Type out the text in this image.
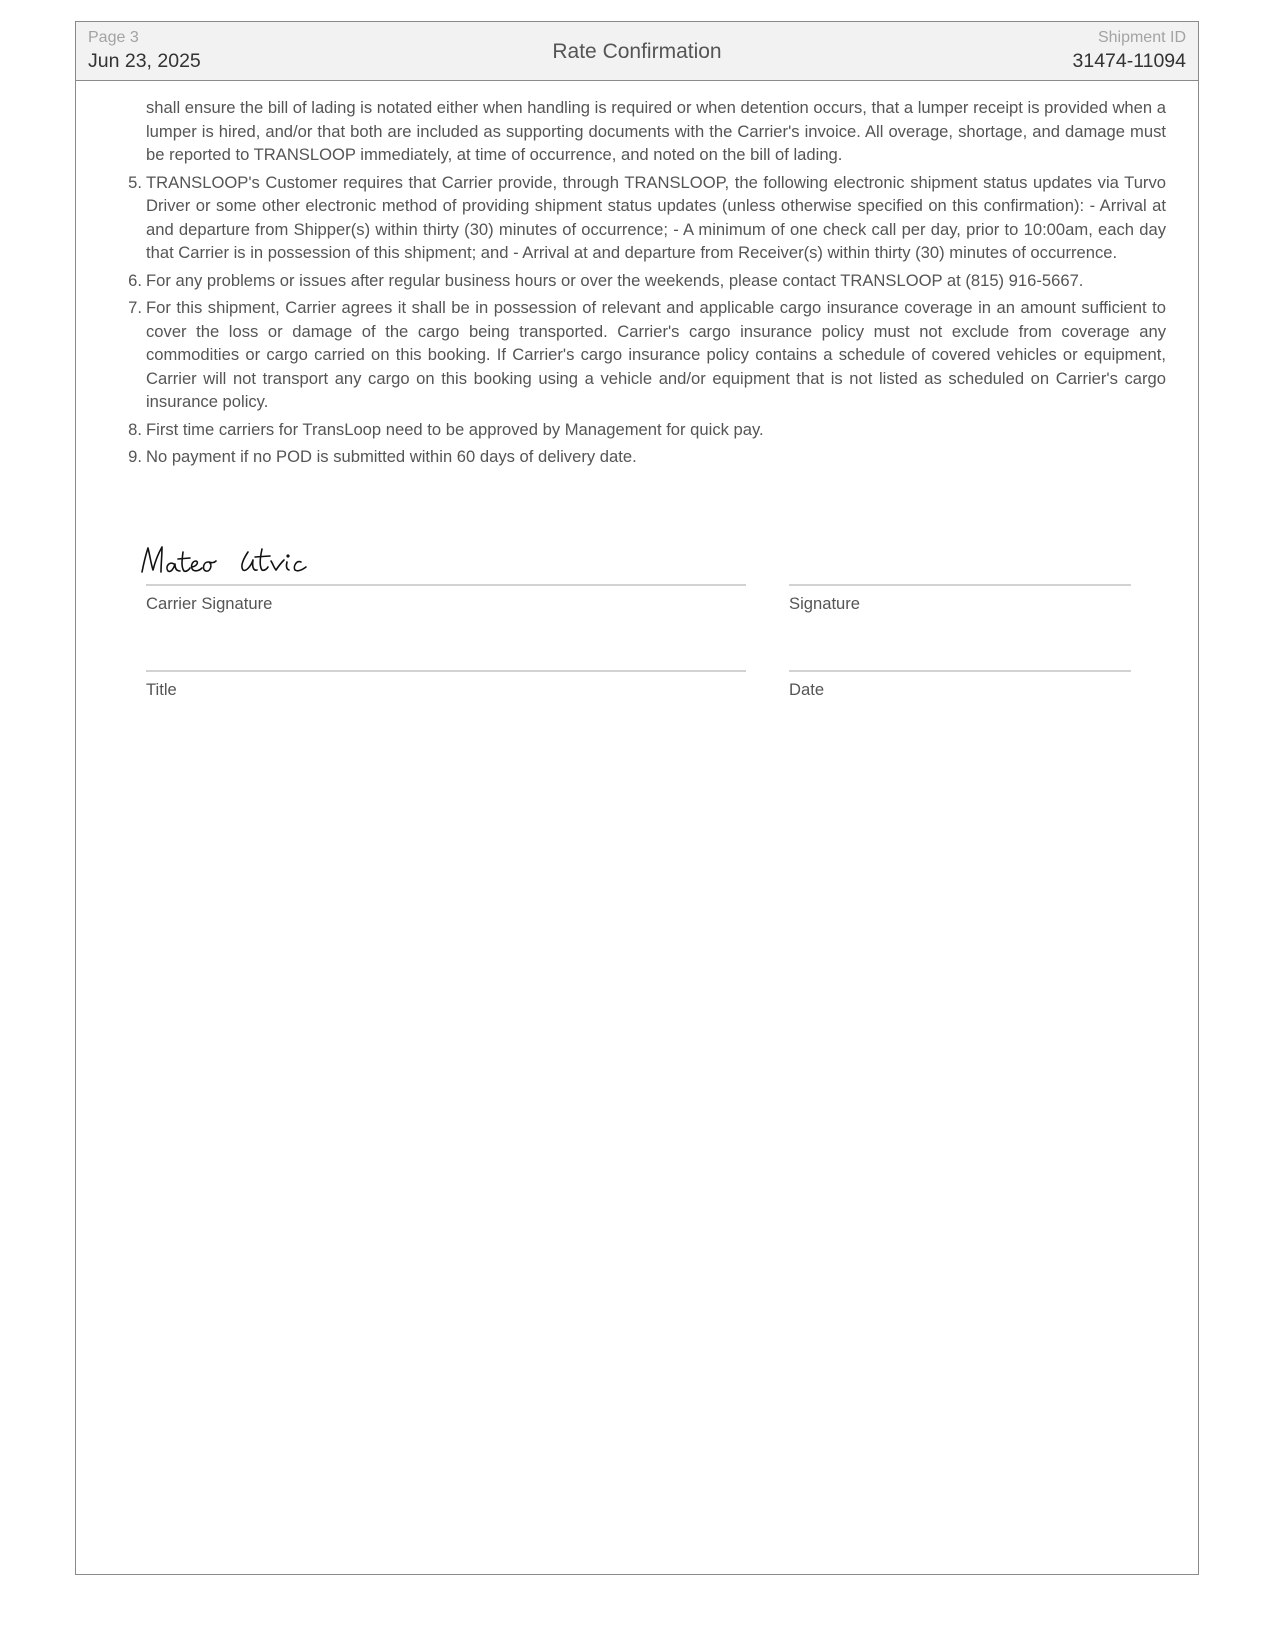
Page 3
Jun 23, 2025	Rate Confirmation
Shipment ID
31474-11094

shall ensure the bill of lading is notated either when handling is required or when detention occurs, that a lumper receipt is provided when a lumper is hired, and/or that both are included as supporting documents with the Carrier's invoice. All overage, shortage, and damage must be reported to TRANSLOOP immediately, at time of occurrence, and noted on the bill of lading.

5. TRANSLOOP's Customer requires that Carrier provide, through TRANSLOOP, the following electronic shipment status updates via Turvo Driver or some other electronic method of providing shipment status updates (unless otherwise specified on this confirmation): - Arrival at and departure from Shipper(s) within thirty (30) minutes of occurrence; - A minimum of one check call per day, prior to 10:00am, each day that Carrier is in possession of this shipment; and - Arrival at and departure from Receiver(s) within thirty (30) minutes of occurrence.
6. For any problems or issues after regular business hours or over the weekends, please contact TRANSLOOP at (815) 916-5667.
7. For this shipment, Carrier agrees it shall be in possession of relevant and applicable cargo insurance coverage in an amount sufficient to cover the loss or damage of the cargo being transported. Carrier's cargo insurance policy must not exclude from coverage any commodities or cargo carried on this booking. If Carrier's cargo insurance policy contains a schedule of covered vehicles or equipment, Carrier will not transport any cargo on this booking using a vehicle and/or equipment that is not listed as scheduled on Carrier's cargo insurance policy.
8. First time carriers for TransLoop need to be approved by Management for quick pay.
9. No payment if no POD is submitted within 60 days of delivery date.
Carrier Signature	Signature
Title	Date
